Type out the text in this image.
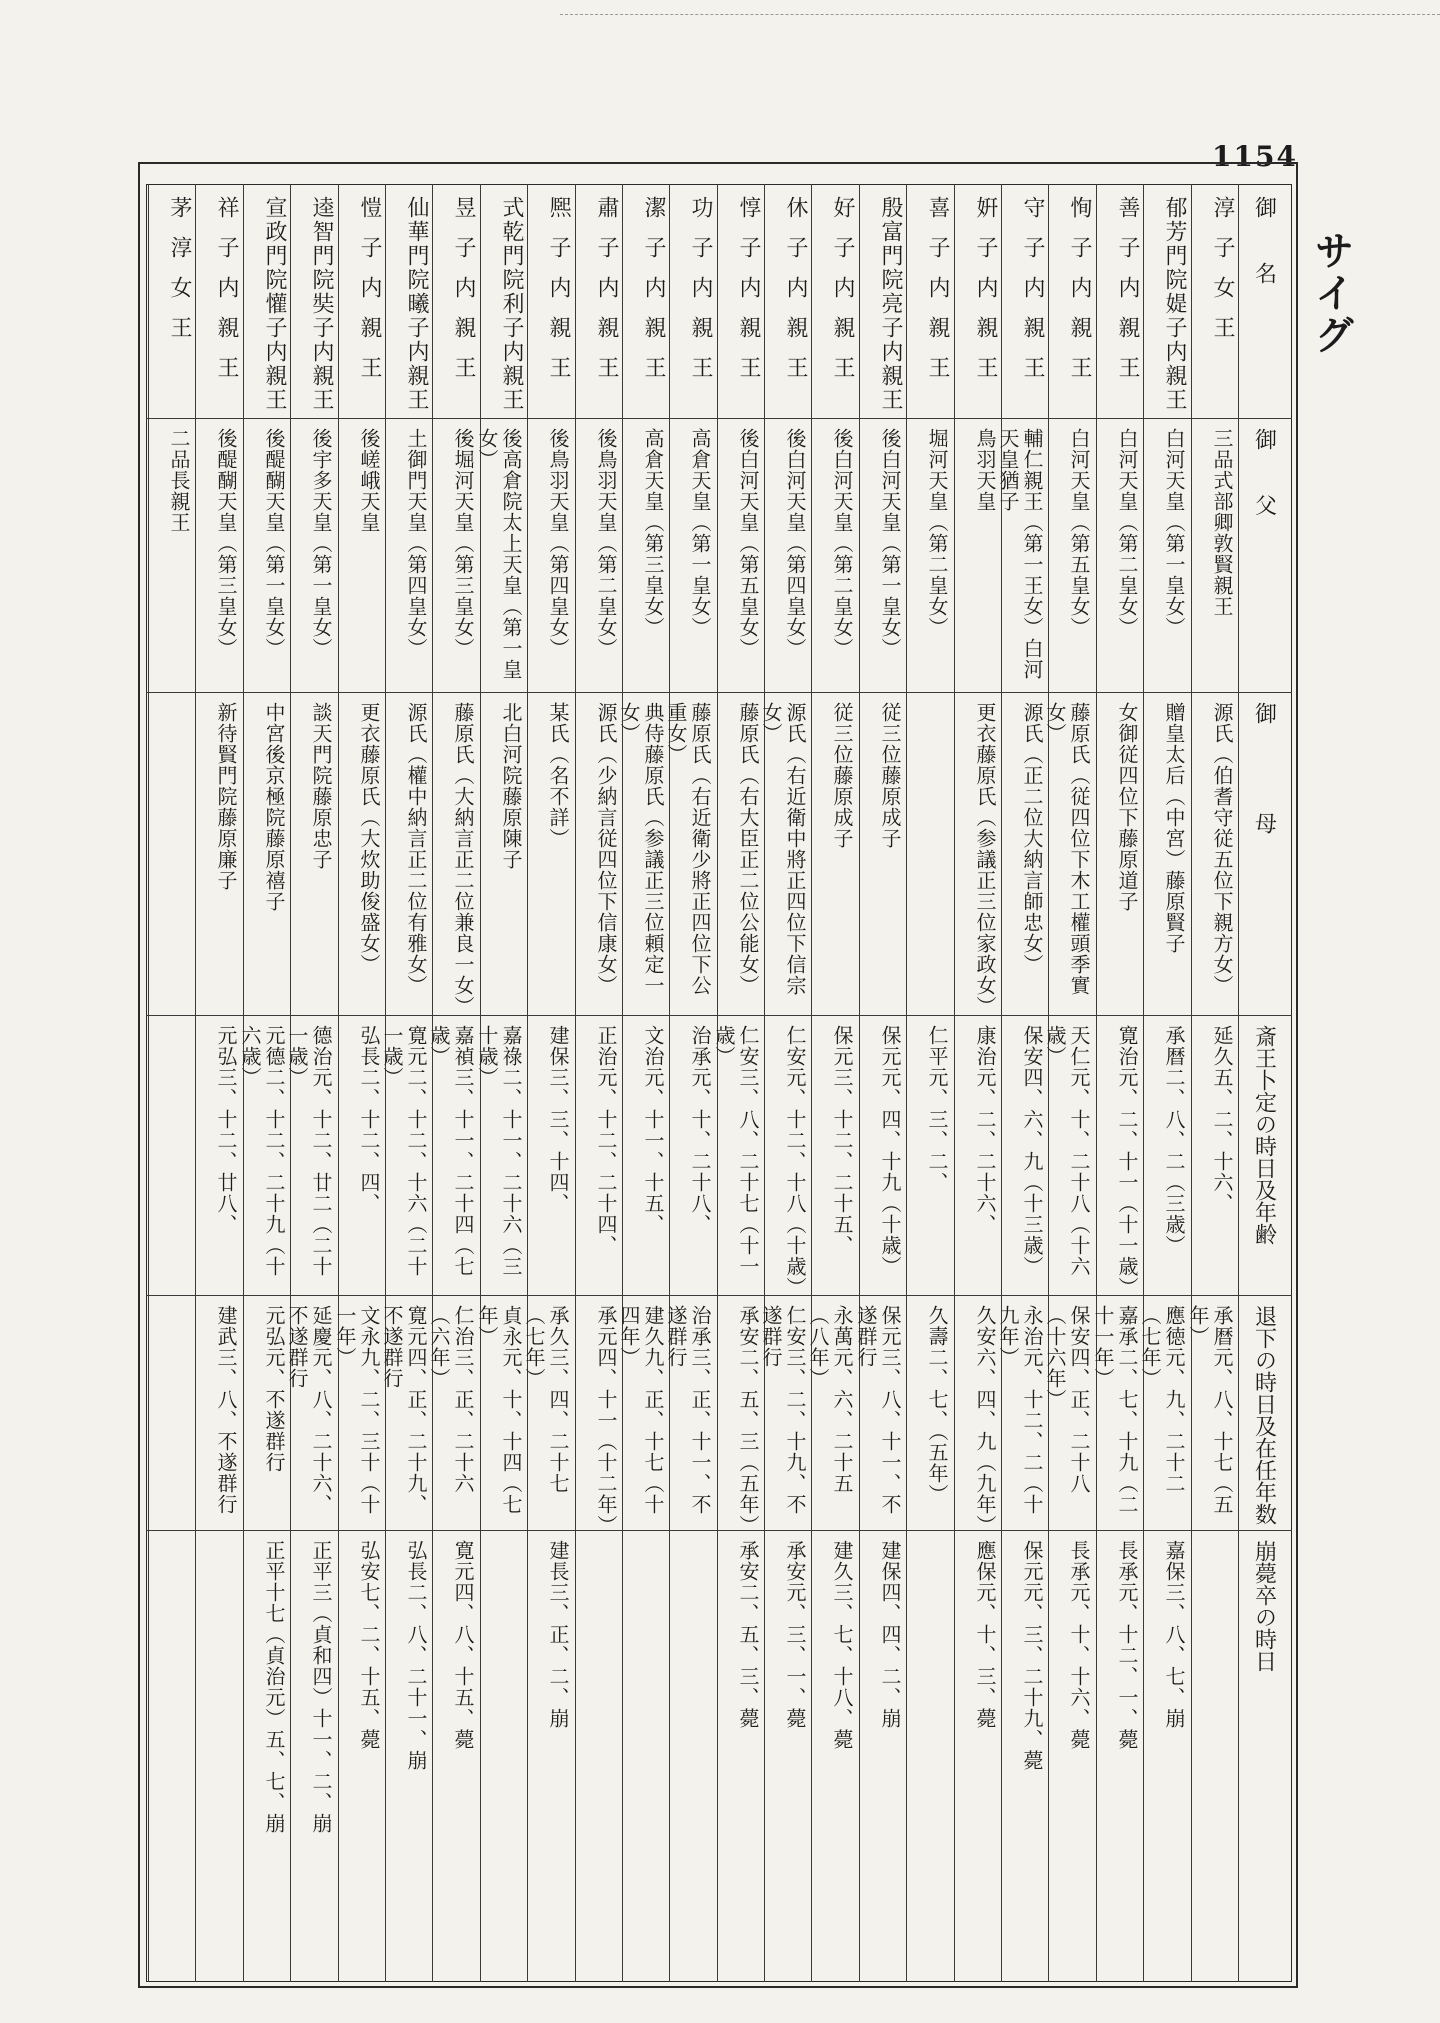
1154
サイグ
御　　名
御　　父
御　　　　母
斎王卜定の時日及年齢
退下の時日及在任年数
崩薨卒の時日
淳子女王
三品式部卿敦賢親王
源氏（伯耆守従五位下親方女）
延久五、二、十六、
承暦元、八、十七（五年）
郁芳門院媞子内親王
白河天皇（第一皇女）
贈皇太后（中宮）藤原賢子
承暦二、八、二（三歳）
應徳元、九、二十二（七年）
嘉保三、八、七、崩
善子内親王
白河天皇（第二皇女）
女御従四位下藤原道子
寛治元、二、十一（十一歳）
嘉承二、七、十九（二十一年）
長承元、十二、一、薨
恂子内親王
白河天皇（第五皇女）
藤原氏（従四位下木工權頭季實女）
天仁元、十、二十八（十六歳）
保安四、正、二十八（十六年）
長承元、十、十六、薨
守子内親王
輔仁親王（第一王女）白河天皇猶子
源氏（正二位大納言師忠女）
保安四、六、九（十三歳）
永治元、十二、二（十九年）
保元元、三、二十九、薨
姸子内親王
鳥羽天皇
更衣藤原氏（参議正三位家政女）
康治元、二、二十六、
久安六、四、九（九年）
應保元、十、三、薨
喜子内親王
堀河天皇（第二皇女）
仁平元、三、二、
久壽二、七、（五年）
殷富門院亮子内親王
後白河天皇（第一皇女）
従三位藤原成子
保元元、四、十九（十歳）
保元三、八、十一、不遂群行
建保四、四、二、崩
好子内親王
後白河天皇（第二皇女）
従三位藤原成子
保元三、十二、二十五、
永萬元、六、二十五（八年）
建久三、七、十八、薨
休子内親王
後白河天皇（第四皇女）
源氏（右近衛中將正四位下信宗女）
仁安元、十二、十八（十歳）
仁安三、二、十九、不遂群行
承安元、三、一、薨
惇子内親王
後白河天皇（第五皇女）
藤原氏（右大臣正二位公能女）
仁安三、八、二十七（十一歳）
承安二、五、三（五年）
承安二、五、三、薨
功子内親王
高倉天皇（第一皇女）
藤原氏（右近衛少將正四位下公重女）
治承元、十、二十八、
治承三、正、十一、不遂群行
潔子内親王
高倉天皇（第三皇女）
典侍藤原氏（参議正三位頼定一女）
文治元、十一、十五、
建久九、正、十七（十四年）
肅子内親王
後鳥羽天皇（第二皇女）
源氏（少納言従四位下信康女）
正治元、十二、二十四、
承元四、十一（十二年）
熈子内親王
後鳥羽天皇（第四皇女）
某氏（名不詳）
建保三、三、十四、
承久三、四、二十七（七年）
建長三、正、二、崩
式乾門院利子内親王
後高倉院太上天皇（第一皇女）
北白河院藤原陳子
嘉祿二、十一、二十六（三十歳）
貞永元、十、十四（七年）
昱子内親王
後堀河天皇（第三皇女）
藤原氏（大納言正二位兼良一女）
嘉禎三、十一、二十四（七歳）
仁治三、正、二十六（六年）
寛元四、八、十五、薨
仙華門院曦子内親王
土御門天皇（第四皇女）
源氏（權中納言正二位有雅女）
寛元二、十二、十六（二十一歳）
寛元四、正、二十九、不遂群行
弘長二、八、二十一、崩
愷子内親王
後嵯峨天皇
更衣藤原氏（大炊助俊盛女）
弘長二、十二、四、
文永九、二、三十（十一年）
弘安七、二、十五、薨
逵智門院奘子内親王
後宇多天皇（第一皇女）
談天門院藤原忠子
德治元、十二、廿二（二十一歳）
延慶元、八、二十六、不遂群行
正平三（貞和四）十一、二、崩
宣政門院懽子内親王
後醍醐天皇（第一皇女）
中宮後京極院藤原禧子
元德二、十二、二十九（十六歳）
元弘元、不遂群行
正平十七（貞治元）五、七、崩
祥子内親王
後醍醐天皇（第三皇女）
新待賢門院藤原廉子
元弘三、十二、廿八、
建武三、八、不遂群行
茅淳女王
二品長親王
